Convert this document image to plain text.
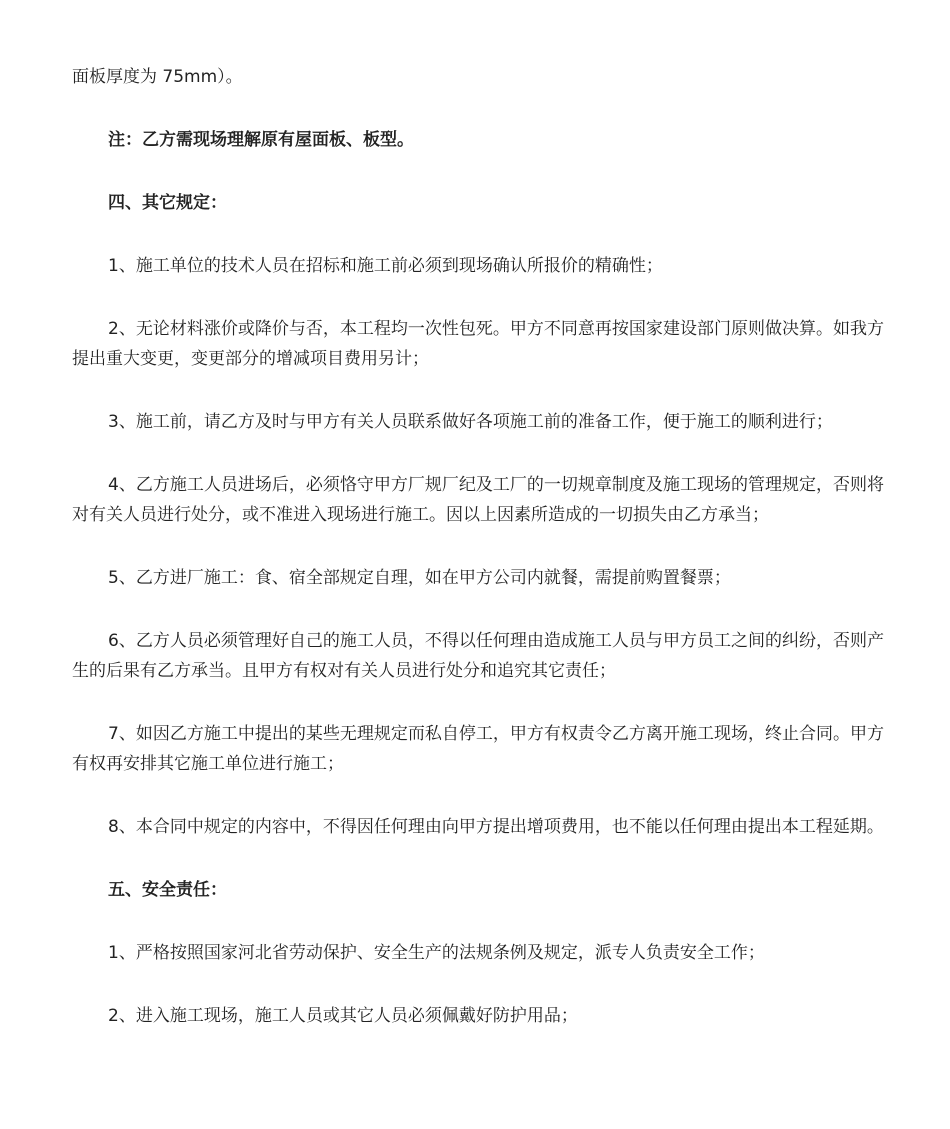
面板厚度为 75mm）。

注：乙方需现场理解原有屋面板、板型。

四、其它规定：

1、施工单位的技术人员在招标和施工前必须到现场确认所报价的精确性；

2、无论材料涨价或降价与否，本工程均一次性包死。甲方不同意再按国家建设部门原则做决算。如我方提出重大变更，变更部分的增减项目费用另计；

3、施工前，请乙方及时与甲方有关人员联系做好各项施工前的准备工作，便于施工的顺利进行；

4、乙方施工人员进场后，必须恪守甲方厂规厂纪及工厂的一切规章制度及施工现场的管理规定，否则将对有关人员进行处分，或不准进入现场进行施工。因以上因素所造成的一切损失由乙方承当；

5、乙方进厂施工：食、宿全部规定自理，如在甲方公司内就餐，需提前购置餐票；

6、乙方人员必须管理好自己的施工人员，不得以任何理由造成施工人员与甲方员工之间的纠纷，否则产生的后果有乙方承当。且甲方有权对有关人员进行处分和追究其它责任；

7、如因乙方施工中提出的某些无理规定而私自停工，甲方有权责令乙方离开施工现场，终止合同。甲方有权再安排其它施工单位进行施工；

8、本合同中规定的内容中，不得因任何理由向甲方提出增项费用，也不能以任何理由提出本工程延期。

五、安全责任：

1、严格按照国家河北省劳动保护、安全生产的法规条例及规定，派专人负责安全工作；

2、进入施工现场，施工人员或其它人员必须佩戴好防护用品；
